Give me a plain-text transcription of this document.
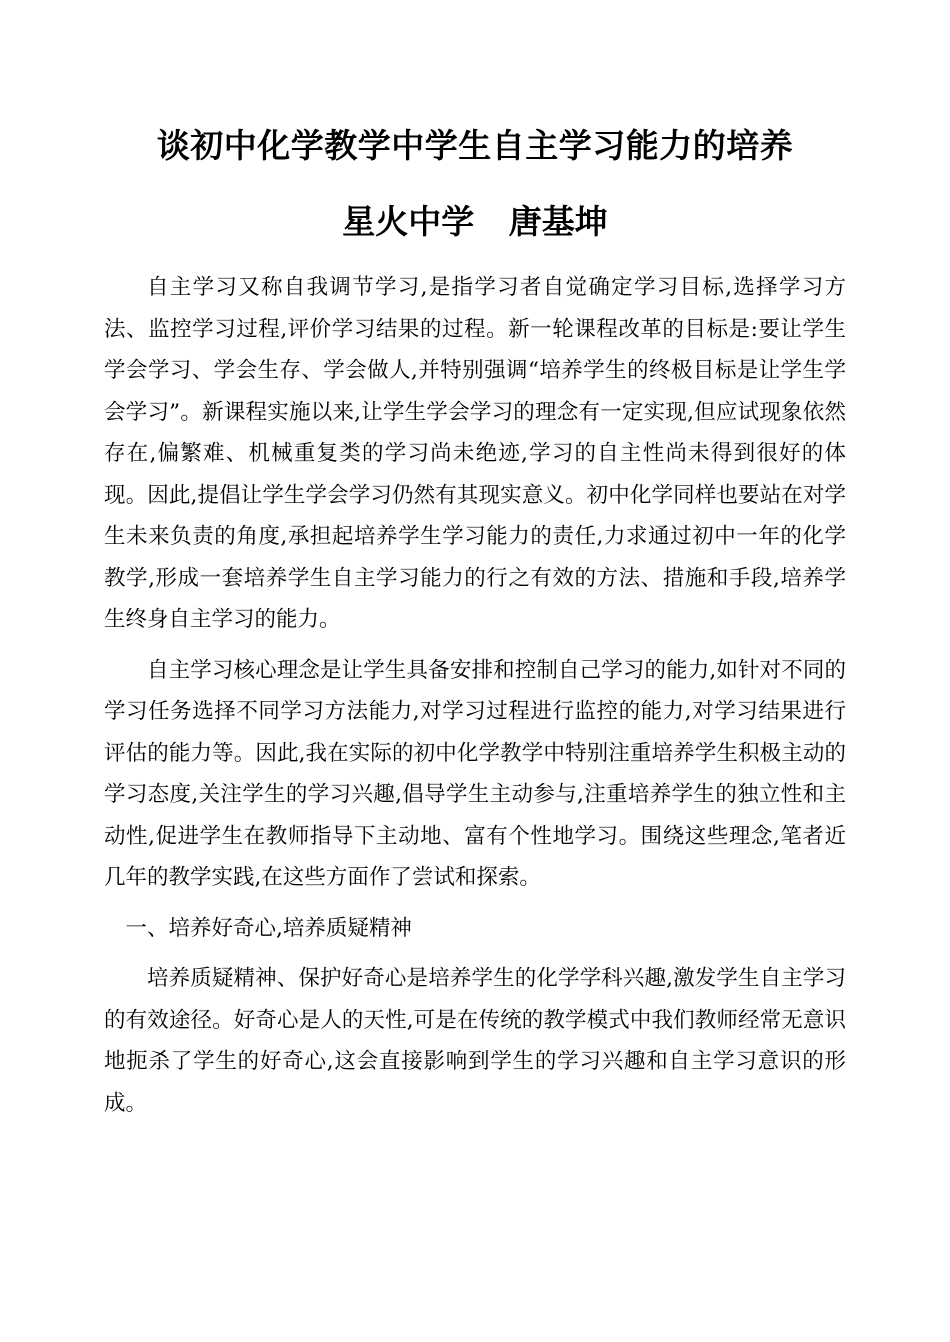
谈初中化学教学中学生自主学习能力的培养
星火中学   唐基坤

自主学习又称自我调节学习,是指学习者自觉确定学习目标,选择学习方法、监控学习过程,评价学习结果的过程。新一轮课程改革的目标是:要让学生学会学习、学会生存、学会做人,并特别强调“培养学生的终极目标是让学生学会学习”。新课程实施以来,让学生学会学习的理念有一定实现,但应试现象依然存在,偏繁难、机械重复类的学习尚未绝迹,学习的自主性尚未得到很好的体现。因此,提倡让学生学会学习仍然有其现实意义。初中化学同样也要站在对学生未来负责的角度,承担起培养学生学习能力的责任,力求通过初中一年的化学教学,形成一套培养学生自主学习能力的行之有效的方法、措施和手段,培养学生终身自主学习的能力。

自主学习核心理念是让学生具备安排和控制自己学习的能力,如针对不同的学习任务选择不同学习方法能力,对学习过程进行监控的能力,对学习结果进行评估的能力等。因此,我在实际的初中化学教学中特别注重培养学生积极主动的学习态度,关注学生的学习兴趣,倡导学生主动参与,注重培养学生的独立性和主动性,促进学生在教师指导下主动地、富有个性地学习。围绕这些理念,笔者近几年的教学实践,在这些方面作了尝试和探索。

一、培养好奇心,培养质疑精神

培养质疑精神、保护好奇心是培养学生的化学学科兴趣,激发学生自主学习的有效途径。好奇心是人的天性,可是在传统的教学模式中我们教师经常无意识地扼杀了学生的好奇心,这会直接影响到学生的学习兴趣和自主学习意识的形成。
